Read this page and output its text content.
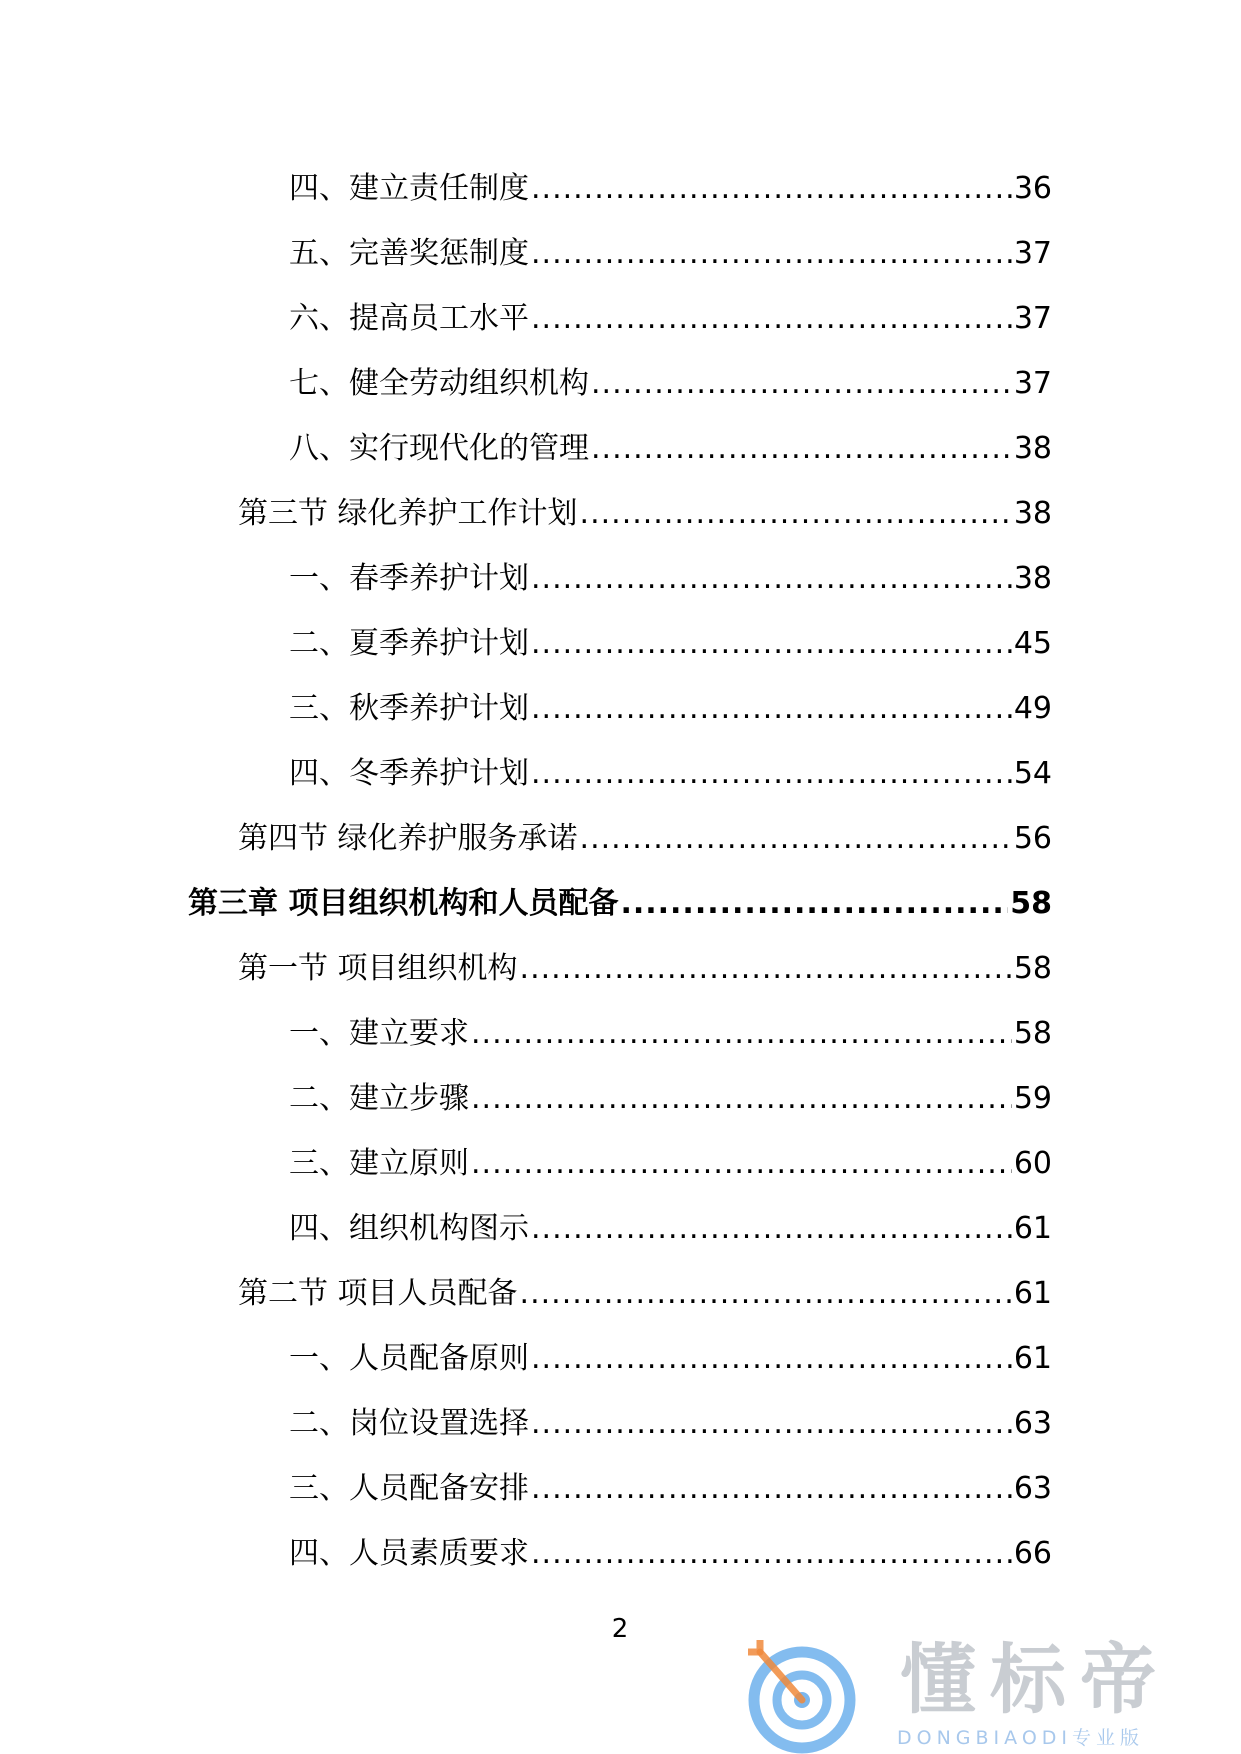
四、建立责任制度 .....	36
五、完善奖惩制度 .....	37
六、提高员工水平 .....	37
七、健全劳动组织机构 .....	37
八、实行现代化的管理 .....	38
第三节 绿化养护工作计划 .....	38
一、春季养护计划 .....	38
二、夏季养护计划 .....	45
三、秋季养护计划 .....	49
四、冬季养护计划 .....	54
第四节 绿化养护服务承诺 .....	56
第三章 项目组织机构和人员配备 .....	58
第一节 项目组织机构 .....	58
一、建立要求 .....	58
二、建立步骤 .....	59
三、建立原则 .....	60
四、组织机构图示 .....	61
第二节 项目人员配备 .....	61
一、人员配备原则 .....	61
二、岗位设置选择 .....	63
三、人员配备安排 .....	63
四、人员素质要求 .....	66
2
懂标帝
DONGBIAODI专业版
